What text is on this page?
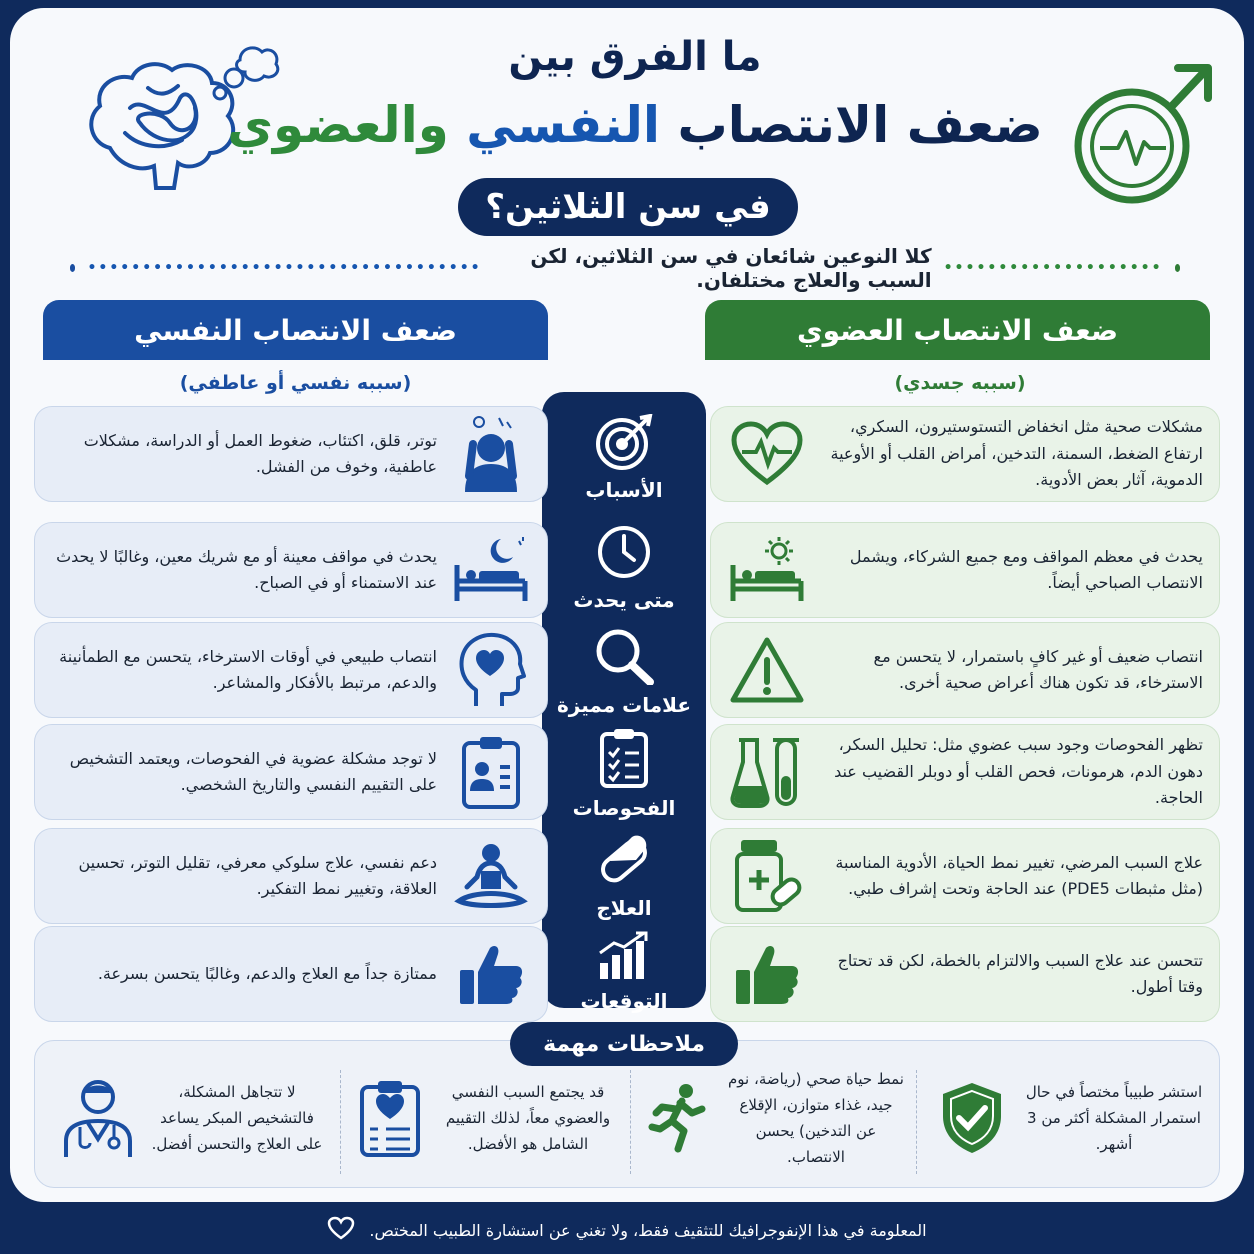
ما الفرق بين
ضعف الانتصاب النفسي والعضوي
في سن الثلاثين؟
••••••••••••••••••••
كلا النوعين شائعان في سن الثلاثين، لكن السبب والعلاج مختلفان.
••••••••••••••••••••••••••••••••••••
ضعف الانتصاب العضوي
ضعف الانتصاب النفسي
(سببه جسدي)
(سببه نفسي أو عاطفي)
مشكلات صحية مثل انخفاض التستوستيرون، السكري، ارتفاع الضغط، السمنة، التدخين، أمراض القلب أو الأوعية الدموية، آثار بعض الأدوية.
توتر، قلق، اكتئاب، ضغوط العمل أو الدراسة، مشكلات عاطفية، وخوف من الفشل.
الأسباب
يحدث في معظم المواقف ومع جميع الشركاء، ويشمل الانتصاب الصباحي أيضاً.
يحدث في مواقف معينة أو مع شريك معين، وغالبًا لا يحدث عند الاستمناء أو في الصباح.
متى يحدث
انتصاب ضعيف أو غير كافٍ باستمرار، لا يتحسن مع الاسترخاء، قد تكون هناك أعراض صحية أخرى.
انتصاب طبيعي في أوقات الاسترخاء، يتحسن مع الطمأنينة والدعم، مرتبط بالأفكار والمشاعر.
علامات مميزة
تظهر الفحوصات وجود سبب عضوي مثل: تحليل السكر، دهون الدم، هرمونات، فحص القلب أو دوبلر القضيب عند الحاجة.
لا توجد مشكلة عضوية في الفحوصات، ويعتمد التشخيص على التقييم النفسي والتاريخ الشخصي.
الفحوصات
علاج السبب المرضي، تغيير نمط الحياة، الأدوية المناسبة (مثل مثبطات PDE5) عند الحاجة وتحت إشراف طبي.
دعم نفسي، علاج سلوكي معرفي، تقليل التوتر، تحسين العلاقة، وتغيير نمط التفكير.
العلاج
تتحسن عند علاج السبب والالتزام بالخطة، لكن قد تحتاج وقتا أطول.
ممتازة جداً مع العلاج والدعم، وغالبًا يتحسن بسرعة.
التوقعات
ملاحظات مهمة
استشر طبيباً مختصاً في حال استمرار المشكلة أكثر من 3 أشهر.
نمط حياة صحي (رياضة، نوم جيد، غذاء متوازن، الإقلاع عن التدخين) يحسن الانتصاب.
قد يجتمع السبب النفسي والعضوي معاً، لذلك التقييم الشامل هو الأفضل.
لا تتجاهل المشكلة، فالتشخيص المبكر يساعد على العلاج والتحسن أفضل.
المعلومة في هذا الإنفوجرافيك للتثقيف فقط، ولا تغني عن استشارة الطبيب المختص.
